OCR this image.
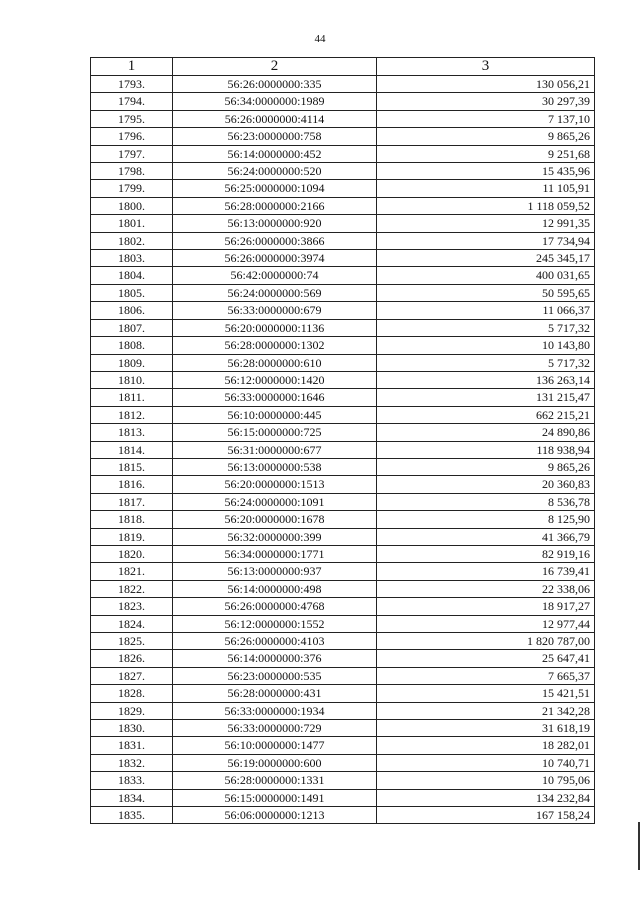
44
1	2	3
1793.	56:26:0000000:335	130 056,21
1794.	56:34:0000000:1989	30 297,39
1795.	56:26:0000000:4114	7 137,10
1796.	56:23:0000000:758	9 865,26
1797.	56:14:0000000:452	9 251,68
1798.	56:24:0000000:520	15 435,96
1799.	56:25:0000000:1094	11 105,91
1800.	56:28:0000000:2166	1 118 059,52
1801.	56:13:0000000:920	12 991,35
1802.	56:26:0000000:3866	17 734,94
1803.	56:26:0000000:3974	245 345,17
1804.	56:42:0000000:74	400 031,65
1805.	56:24:0000000:569	50 595,65
1806.	56:33:0000000:679	11 066,37
1807.	56:20:0000000:1136	5 717,32
1808.	56:28:0000000:1302	10 143,80
1809.	56:28:0000000:610	5 717,32
1810.	56:12:0000000:1420	136 263,14
1811.	56:33:0000000:1646	131 215,47
1812.	56:10:0000000:445	662 215,21
1813.	56:15:0000000:725	24 890,86
1814.	56:31:0000000:677	118 938,94
1815.	56:13:0000000:538	9 865,26
1816.	56:20:0000000:1513	20 360,83
1817.	56:24:0000000:1091	8 536,78
1818.	56:20:0000000:1678	8 125,90
1819.	56:32:0000000:399	41 366,79
1820.	56:34:0000000:1771	82 919,16
1821.	56:13:0000000:937	16 739,41
1822.	56:14:0000000:498	22 338,06
1823.	56:26:0000000:4768	18 917,27
1824.	56:12:0000000:1552	12 977,44
1825.	56:26:0000000:4103	1 820 787,00
1826.	56:14:0000000:376	25 647,41
1827.	56:23:0000000:535	7 665,37
1828.	56:28:0000000:431	15 421,51
1829.	56:33:0000000:1934	21 342,28
1830.	56:33:0000000:729	31 618,19
1831.	56:10:0000000:1477	18 282,01
1832.	56:19:0000000:600	10 740,71
1833.	56:28:0000000:1331	10 795,06
1834.	56:15:0000000:1491	134 232,84
1835.	56:06:0000000:1213	167 158,24
